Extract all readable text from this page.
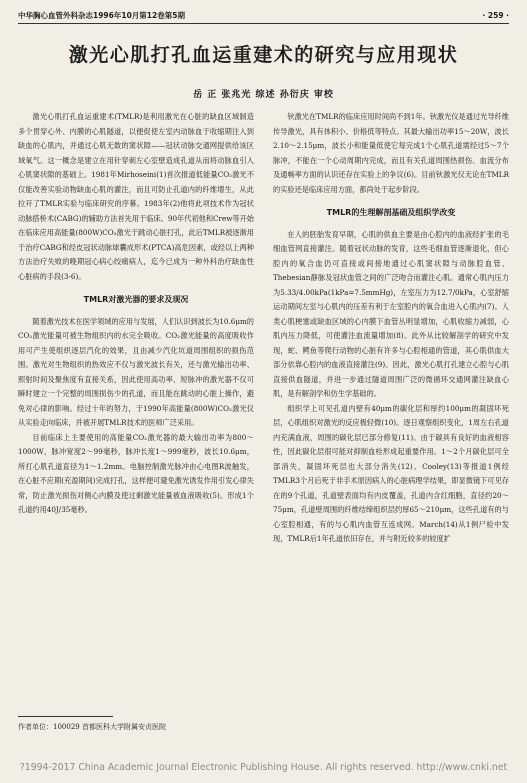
中华胸心血管外科杂志1996年10月第12卷第5期	· 259 ·
激光心肌打孔血运重建术的研究与应用现状
岳 正 张兆光 综述 孙衍庆 审校

激光心肌打孔血运重建术(TMLR)是利用激光在心脏的缺血区域制造多个贯穿心外、内膜的心肌隧道，以便促使左室内动脉血于收缩期注入到缺血的心肌内，并通过心肌无数的窦状隙——冠状动脉交通网提供给该区域氧气。这一概念是建立在用针穿刺左心室壁造成孔道从而将动脉血引入心肌窦状隙的基础上。1981年Mirhoseini(1)首次报道低能量CO₂激光不仅能改善实验动物缺血心肌的灌注，而且可防止孔道内的纤维增生，从此拉开了TMLR实验与临床研究的序幕。1983年(2)他将此项技术作为冠状动脉搭桥术(CABG)的辅助方法首先用于临床。90年代初他和Crew等开始在临床应用高能量(800W)CO₂激光于跳动心脏打孔，此后TMLR被逐渐用于治疗CABG和经皮冠状动脉球囊成形术(PTCA)高危因素，或经以上两种方法治疗失败的晚期冠心病心绞痛病人，迄今已成为一种外科治疗缺血性心脏病的手段(3-6)。

TMLR对激光器的要求及现况

随着激光技术在医学领域的应用与发展，人们认识到波长为10.6μm的CO₂激光能量可被生物组织内的水完全吸收。CO₂激光能量的高度吸收作用可产生使组织逐层汽化的效果，且由减少汽化坑道周围组织的损伤范围。激光对生物组织的热效应不仅与激光波长有关，还与激光输出功率、照射时间及聚焦度有直接关系，因此使用高功率、短脉冲的激光器不仅可瞬时建立一个完整的周围损伤少的孔道，而且能在跳动的心脏上操作，避免对心律的影响。经过十年的努力，于1990年高能量(800W)CO₂激光仪从实验走向临床，并被开展TMLR技术的医师广泛采用。

目前临床上主要使用的高能量CO₂激光器的最大输出功率为800～1000W，脉冲宽度2～99毫秒，脉冲长度1～999毫秒，波长10.6μm，所打心肌孔道直径为1～1.2mm。电脑控制激光脉冲由心电图R波触发，在心脏不应期(充盈期间)完成打孔，这样便可避免激光诱发作用引发心律失常，防止激光损伤对侧心内膜及使过剩激光能量被血液吸收(5)。形成1个孔道约用40J/35毫秒。

钬激光在TMLR的临床应用时间尚不到1年。钬激光仪是通过光导纤维传导激光，具有体积小、价格低等特点。其最大输出功率15～20W，波长2.10～2.15μm，波长小和能量低使它每完成1个心肌孔道需经过5～7个脉冲，不能在一个心动周期内完成，而且有关孔道周围热损伤、血流分布及通畅率方面的认识还存在实验上的争议(6)。目前钬激光仪无论在TMLR的实验还是临床应用方面，都尚处于起步阶段。

TMLR的生理解剖基础及组织学改变

在人的胚胎发育早期，心肌的供血主要是由心腔内的血液经扩张的毛细血管网直接灌注。随着冠状动脉的发育，这些毛细血管逐渐退化，但心腔内的氧合血仍可直接或间接地通过心肌窦状隙与动脉腔血管、Thebesian静脉及冠状血管之间的广泛吻合而灌注心肌。通常心肌内压力为5.33/4.00kPa(1kPa=7.5mmHg)，左室压力为12.7/0kPa，心室舒缩运动期间左室与心肌内的压差有利于左室腔内的氧合血进入心肌内(7)。人类心肌梗塞或缺血区域的心内膜下血管丛明显增加，心肌收缩力减弱，心肌内压力降低，可使灌注血流量增加(8)。此外从比较解剖学的研究中发现，蛇、鳄鱼等爬行动物的心脏有许多与心腔相通的管道，其心肌供血大部分依靠心腔内的血液直接灌注(9)。因此，激光心肌打孔建立心腔与心肌直接供血隧道，并进一步通过隧道周围广泛的微循环交通网灌注缺血心肌，是有解剖学和仿生学基础的。

组织学上可见孔道内壁有40μm的碳化层和厚约100μm的凝固坏死层，心肌组织对激光的反应极轻微(10)。逐日观察组织变化，1周左右孔道内充满血液，周围的碳化层已部分修复(11)。由于碳具有良好的血液相容性，因此碳化层很可能对抑制血栓形成起重要作用。1～2个月碳化层可全部消失，凝固坏死层也大部分消失(12)。Cooley(13)等报道1例经TMLR3个月后死于非手术原因病人的心脏病理学结果，即显微镜下可见存在的9个孔道，孔道壁表面均有内皮覆盖，孔道内含红细胞，直径约20～75μm，孔道壁周围的纤维结缔组织层约厚65～210μm，这些孔道有的与心室腔相通，有的与心肌内血管互连成网。March(14)从1例尸检中发现，TMLR后1年孔道依旧存在，并与附近较多的较度扩

作者单位：100029 首都医科大学附属安贞医院
?1994-2017 China Academic Journal Electronic Publishing House. All rights reserved. http://www.cnki.net
